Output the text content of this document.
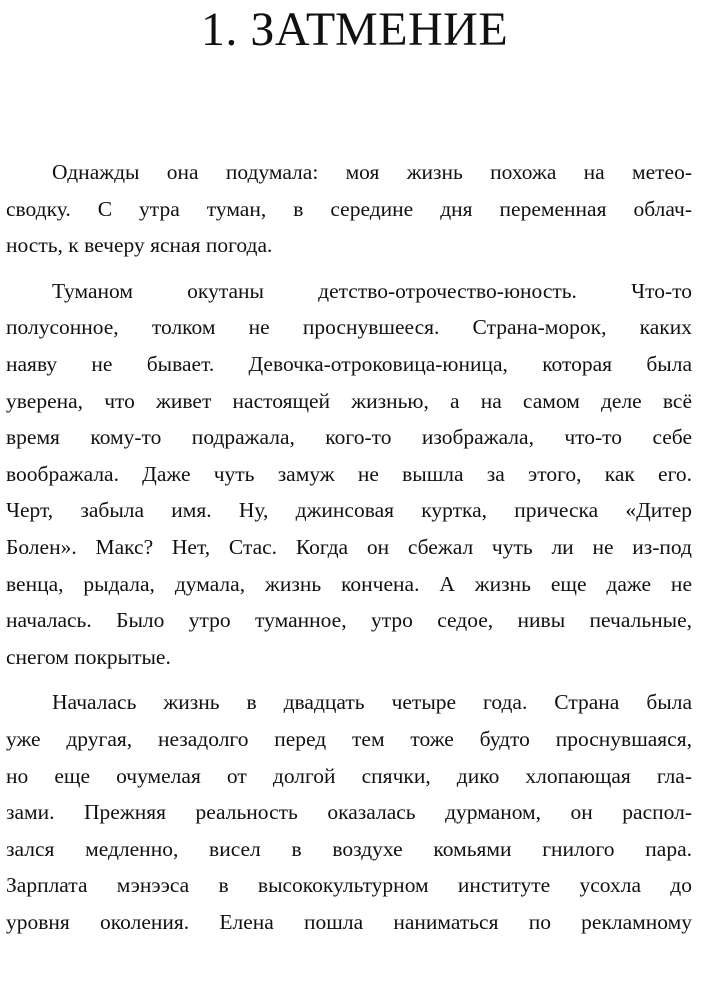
1. ЗАТМЕНИЕ

Однажды она подумала: моя жизнь похожа на метео-
сводку. С утра туман, в середине дня переменная облач-
ность, к вечеру ясная погода.

Туманом окутаны детство-отрочество-юность. Что-то
полусонное, толком не проснувшееся. Страна-морок, каких
наяву не бывает. Девочка-отроковица-юница, которая была
уверена, что живет настоящей жизнью, а на самом деле всё
время кому-то подражала, кого-то изображала, что-то себе
воображала. Даже чуть замуж не вышла за этого, как его.
Черт, забыла имя. Ну, джинсовая куртка, прическа «Дитер
Болен». Макс? Нет, Стас. Когда он сбежал чуть ли не из-под
венца, рыдала, думала, жизнь кончена. А жизнь еще даже не
началась. Было утро туманное, утро седое, нивы печальные,
снегом покрытые.

Началась жизнь в двадцать четыре года. Страна была
уже другая, незадолго перед тем тоже будто проснувшаяся,
но еще очумелая от долгой спячки, дико хлопающая гла-
зами. Прежняя реальность оказалась дурманом, он распол-
зался медленно, висел в воздухе комьями гнилого пара.
Зарплата мэнээса в высококультурном институте усохла до
уровня околения. Елена пошла наниматься по рекламному
